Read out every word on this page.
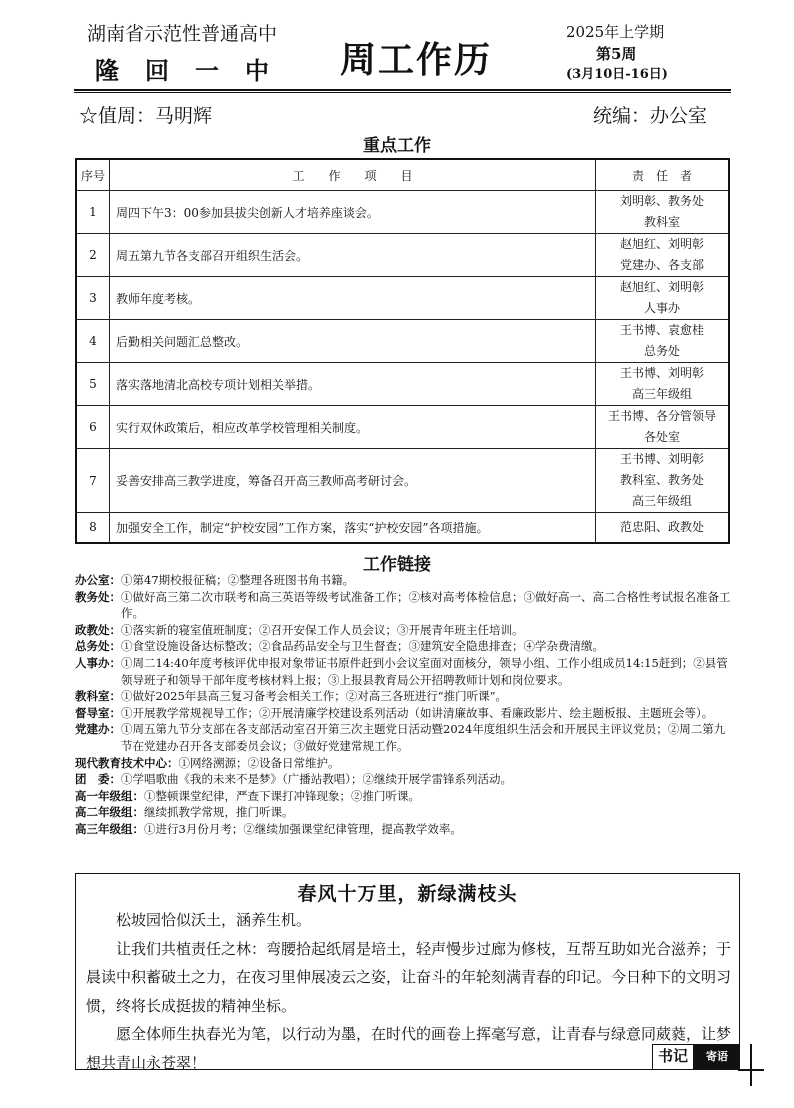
湖南省示范性普通高中
隆回一中 周工作历
2025年上学期
第5周
(3月10日-16日)
☆值周：马明辉	统编：办公室
重点工作
序号	工　　作　　项　　目	责　任　者
1	周四下午3：00参加县拔尖创新人才培养座谈会。	刘明彰、教务处
教科室
2	周五第九节各支部召开组织生活会。	赵旭红、刘明彰
党建办、各支部
3	教师年度考核。	赵旭红、刘明彰
人事办
4	后勤相关问题汇总整改。	王书博、袁愈桂
总务处
5	落实落地清北高校专项计划相关举措。	王书博、刘明彰
高三年级组
6	实行双休政策后，相应改革学校管理相关制度。	王书博、各分管领导
各处室
7	妥善安排高三教学进度，筹备召开高三教师高考研讨会。	王书博、刘明彰
教科室、教务处
高三年级组
8	加强安全工作，制定“护校安园”工作方案，落实“护校安园”各项措施。	范忠阳、政教处
工作链接
办公室： ①第47期校报征稿；②整理各班图书角书籍。
教务处： ①做好高三第二次市联考和高三英语等级考试准备工作；②核对高考体检信息；③做好高一、高二合格性考试报名准备工作。
政教处： ①落实新的寝室值班制度；②召开安保工作人员会议；③开展青年班主任培训。
总务处： ①食堂设施设备达标整改；②食品药品安全与卫生督查；③建筑安全隐患排查；④学杂费清缴。
人事办： ①周二14:40年度考核评优申报对象带证书原件赶到小会议室面对面核分，领导小组、工作小组成员14:15赶到；②县管领导班子和领导干部年度考核材料上报；③上报县教育局公开招聘教师计划和岗位要求。
教科室： ①做好2025年县高三复习备考会相关工作；②对高三各班进行“推门听课”。
督导室： ①开展教学常规视导工作；②开展清廉学校建设系列活动（如讲清廉故事、看廉政影片、绘主题板报、主题班会等）。
党建办： ①周五第九节分支部在各支部活动室召开第三次主题党日活动暨2024年度组织生活会和开展民主评议党员；②周二第九节在党建办召开各支部委员会议；③做好党建常规工作。
现代教育技术中心： ①网络溯源；②设备日常维护。
团　委： ①学唱歌曲《我的未来不是梦》（广播站教唱）；②继续开展学雷锋系列活动。
高一年级组： ①整顿课堂纪律，严查下课打冲锋现象；②推门听课。
高二年级组： 继续抓教学常规，推门听课。
高三年级组： ①进行3月份月考；②继续加强课堂纪律管理，提高教学效率。
春风十万里，新绿满枝头

松坡园恰似沃土，涵养生机。

让我们共植责任之林：弯腰拾起纸屑是培土，轻声慢步过廊为修枝，互帮互助如光合滋养；于晨读中积蓄破土之力，在夜习里伸展凌云之姿，让奋斗的年轮刻满青春的印记。今日种下的文明习惯，终将长成挺拔的精神坐标。

愿全体师生执春光为笔，以行动为墨，在时代的画卷上挥毫写意，让青春与绿意同葳蕤，让梦想共青山永苍翠！	书记	寄语
